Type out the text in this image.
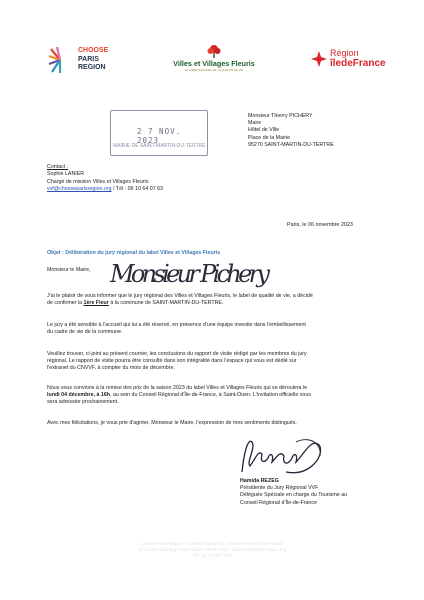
CHOOSE
PARIS
REGION	Villes et Villages Fleuris
LE LABEL NATIONAL DE LA QUALITÉ DE VIE
Région
îledeFrance
2 7 NOV. 2023
MAIRIE DE SAINT-MARTIN-DU-TERTRE
Monsieur Thierry PICHERY
Maire
Hôtel de Ville
Place de la Mairie
95270 SAINT-MARTIN-DU-TERTRE
Contact :
Sophie LANIER
Chargé de mission Villes et Villages Fleuris
vvf@chooseparisregion.org / Tél : 06 10 64 07 63
Paris, le 06 novembre 2023
Monsieur Pichery
Objet : Délibération du jury régional du label Villes et Villages Fleuris
Monsieur le Maire,
J'ai le plaisir de vous informer que le jury régional des Villes et Villages Fleuris, le label de qualité de vie, a décidé
de confirmer la 1ère Fleur à la commune de SAINT-MARTIN-DU-TERTRE.
Le jury a été sensible à l'accueil qui lui a été réservé, en présence d'une équipe investie dans l'embellissement
du cadre de vie de la commune.
Veuillez trouver, ci-joint au présent courrier, les conclusions du rapport de visite rédigé par les membres du jury
régional. Le rapport de visite pourra être consulté dans son intégralité dans l'espace qui vous est dédié sur
l'extranet du CNVVF, à compter du mois de décembre.
Nous vous convions à la remise des prix de la saison 2023 du label Villes et Villages Fleuris qui se déroulera le
lundi 04 décembre, à 16h, au sein du Conseil Régional d'Île-de-France, à Saint-Ouen. L'invitation officielle vous
sera adressée prochainement.
Avec mes félicitations, je vous prie d'agréer, Monsieur le Maire, l'expression de mes sentiments distingués.
Hamida REZEG
Présidente du Jury Régional VVF
Déléguée Spéciale en charge du Tourisme au
Conseil Régional d'Île-de-France
Choose Paris Région – Comité Régional du Tourisme Paris Île-de-France
11 rue du Faubourg Poissonnière 75009 Paris – www.chooseparisregion.org
Tél : 01 73 00 77 00
